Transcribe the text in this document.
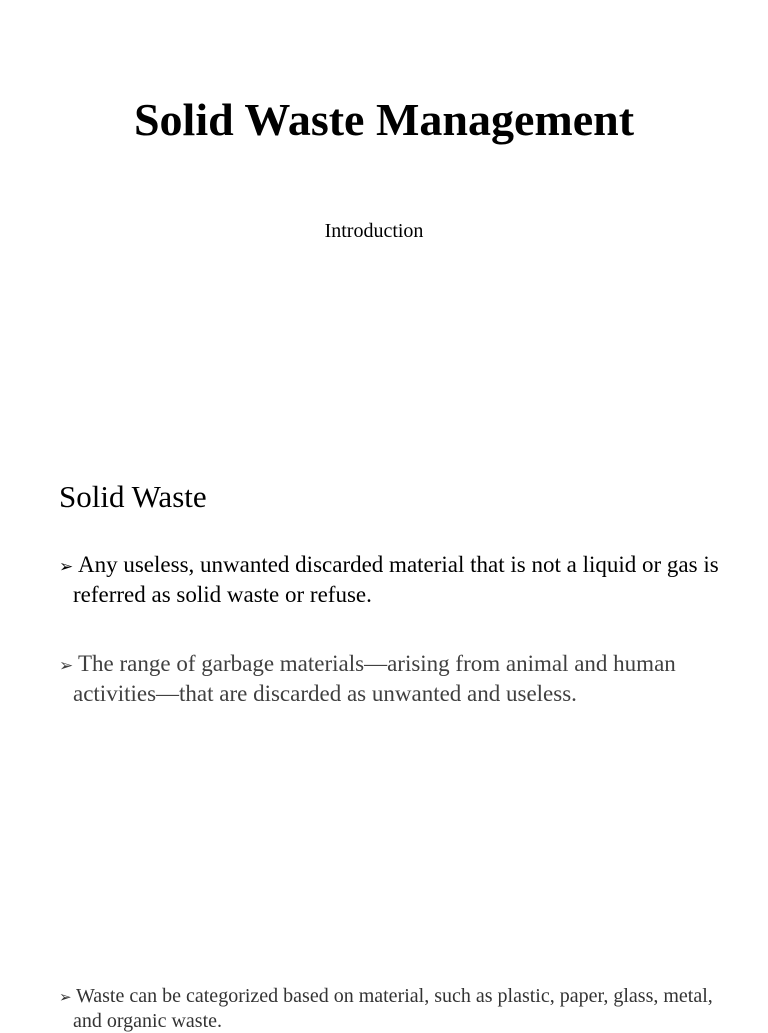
Solid Waste Management

Introduction

Solid Waste

➢ Any useless, unwanted discarded material that is not a liquid or gas is referred as solid waste or refuse.

➢ The range of garbage materials—arising from animal and human activities—that are discarded as unwanted and useless.

➢ Waste can be categorized based on material, such as plastic, paper, glass, metal, and organic waste.
